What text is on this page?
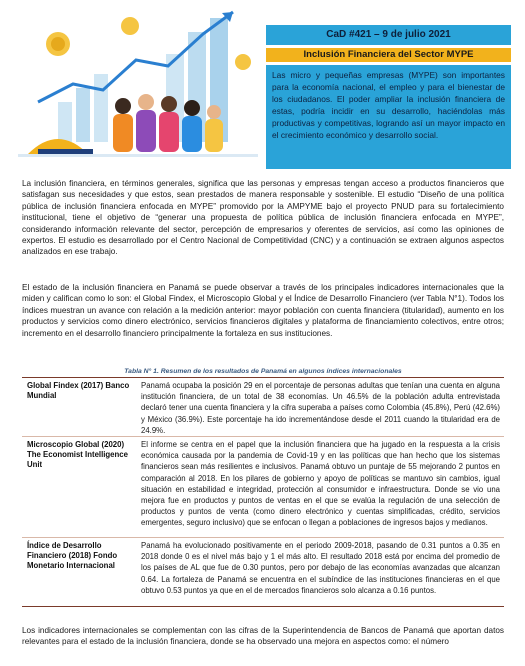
CaD #421 – 9 de julio 2021
Inclusión Financiera del Sector MYPE
Las micro y pequeñas empresas (MYPE) son importantes para la economía nacional, el empleo y para el bienestar de los ciudadanos. El poder ampliar la inclusión financiera de estas, podría incidir en su desarrollo, haciéndolas más productivas y competitivas, logrando así un mayor impacto en el crecimiento económico y desarrollo social.
La inclusión financiera, en términos generales, significa que las personas y empresas tengan acceso a productos financieros que satisfagan sus necesidades y que estos, sean prestados de manera responsable y sostenible. El estudio “Diseño de una política pública de inclusión financiera enfocada en MYPE” promovido por la AMPYME bajo el proyecto PNUD para su fortalecimiento institucional, tiene el objetivo de “generar una propuesta de política pública de inclusión financiera enfocada en MYPE”, considerando información relevante del sector, percepción de empresarios y oferentes de servicios, así como las opiniones de expertos. El estudio es desarrollado por el Centro Nacional de Competitividad (CNC) y a continuación se extraen algunos aspectos analizados en ese trabajo.
El estado de la inclusión financiera en Panamá se puede observar a través de los principales indicadores internacionales que la miden y califican como lo son: el Global Findex, el Microscopio Global y el Índice de Desarrollo Financiero (ver Tabla N°1). Todos los índices muestran un avance con relación a la medición anterior: mayor población con cuenta financiera (titularidad), aumento en los productos y servicios como dinero electrónico, servicios financieros digitales y plataforma de financiamiento colectivos, entre otros; incremento en el desarrollo financiero principalmente la fortaleza en sus instituciones.
Tabla N° 1. Resumen de los resultados de Panamá en algunos índices internacionales
Global Findex (2017) Banco Mundial
Panamá ocupaba la posición 29 en el porcentaje de personas adultas que tenían una cuenta en alguna institución financiera, de un total de 38 economías. Un 46.5% de la población adulta entrevistada declaró tener una cuenta financiera y la cifra superaba a países como Colombia (45.8%), Perú (42.6%) y México (36.9%). Este porcentaje ha ido incrementándose desde el 2011 cuando la titularidad era de 24.9%.
Microscopio Global (2020) The Economist Intelligence Unit
El informe se centra en el papel que la inclusión financiera que ha jugado en la respuesta a la crisis económica causada por la pandemia de Covid-19 y en las políticas que han hecho que los sistemas financieros sean más resilientes e inclusivos. Panamá obtuvo un puntaje de 55 mejorando 2 puntos en comparación al 2018. En los pilares de gobierno y apoyo de políticas se mantuvo sin cambios, igual situación en estabilidad e integridad, protección al consumidor e infraestructura. Donde se vio una mejora fue en productos y puntos de ventas en el que se evalúa la regulación de una selección de productos y puntos de venta (como dinero electrónico y cuentas simplificadas, crédito, servicios emergentes, seguro inclusivo) que se enfocan o llegan a poblaciones de ingresos bajos y medianos.
Índice de Desarrollo Financiero (2018) Fondo Monetario Internacional
Panamá ha evolucionado positivamente en el periodo 2009-2018, pasando de 0.31 puntos a 0.35 en 2018 donde 0 es el nivel más bajo y 1 el más alto. El resultado 2018 está por encima del promedio de los países de AL que fue de 0.30 puntos, pero por debajo de las economías avanzadas que alcanzan 0.64. La fortaleza de Panamá se encuentra en el subíndice de las instituciones financieras en el que obtuvo 0.53 puntos ya que en el de mercados financieros solo alcanza a 0.16 puntos.
Los indicadores internacionales se complementan con las cifras de la Superintendencia de Bancos de Panamá que aportan datos relevantes para el estado de la inclusión financiera, donde se ha observado una mejora en aspectos como: el número
